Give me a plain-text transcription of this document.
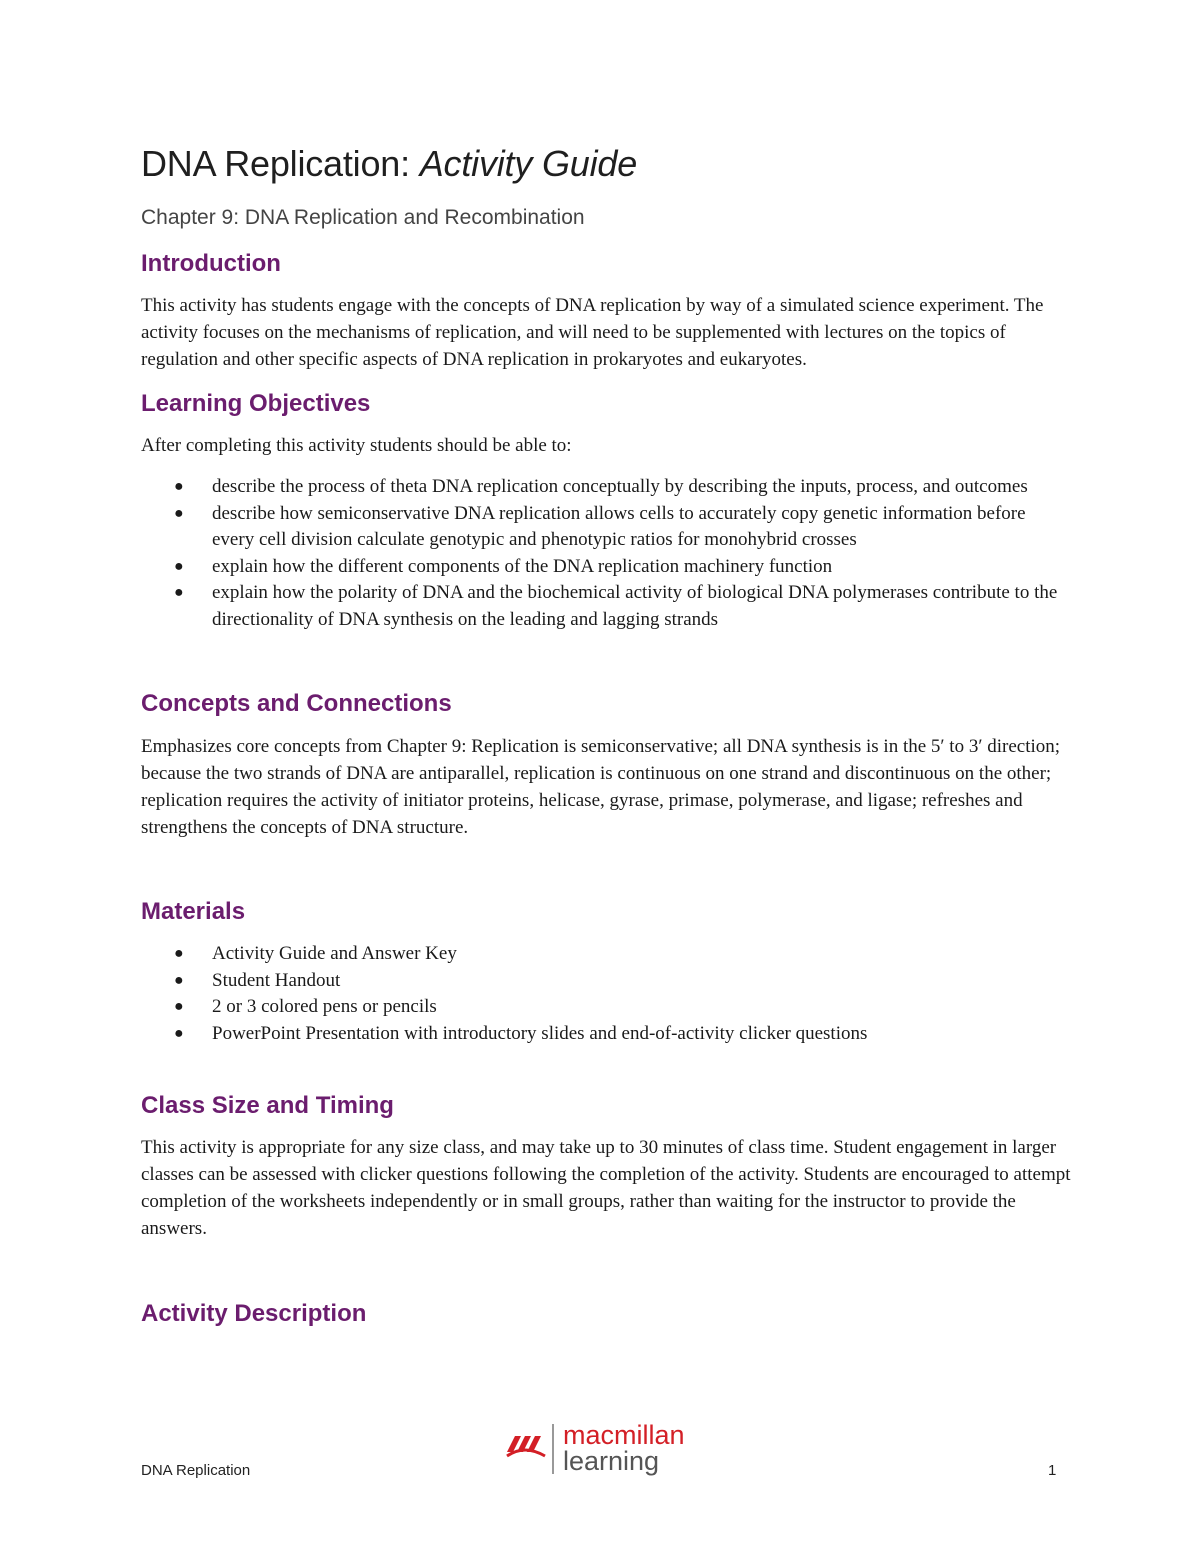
DNA Replication: Activity Guide
Chapter 9: DNA Replication and Recombination
Introduction

This activity has students engage with the concepts of DNA replication by way of a simulated science experiment. The activity focuses on the mechanisms of replication, and will need to be supplemented with lectures on the topics of regulation and other specific aspects of DNA replication in prokaryotes and eukaryotes.

Learning Objectives

After completing this activity students should be able to:

● describe the process of theta DNA replication conceptually by describing the inputs, process, and outcomes
● describe how semiconservative DNA replication allows cells to accurately copy genetic information before every cell division calculate genotypic and phenotypic ratios for monohybrid crosses
● explain how the different components of the DNA replication machinery function
● explain how the polarity of DNA and the biochemical activity of biological DNA polymerases contribute to the directionality of DNA synthesis on the leading and lagging strands
Concepts and Connections

Emphasizes core concepts from Chapter 9: Replication is semiconservative; all DNA synthesis is in the 5′ to 3′ direction; because the two strands of DNA are antiparallel, replication is continuous on one strand and discontinuous on the other; replication requires the activity of initiator proteins, helicase, gyrase, primase, polymerase, and ligase; refreshes and strengthens the concepts of DNA structure.

Materials
● Activity Guide and Answer Key
● Student Handout
● 2 or 3 colored pens or pencils
● PowerPoint Presentation with introductory slides and end-of-activity clicker questions
Class Size and Timing

This activity is appropriate for any size class, and may take up to 30 minutes of class time. Student engagement in larger classes can be assessed with clicker questions following the completion of the activity. Students are encouraged to attempt completion of the worksheets independently or in small groups, rather than waiting for the instructor to provide the answers.

Activity Description
macmillan
learning
DNA Replication	1
